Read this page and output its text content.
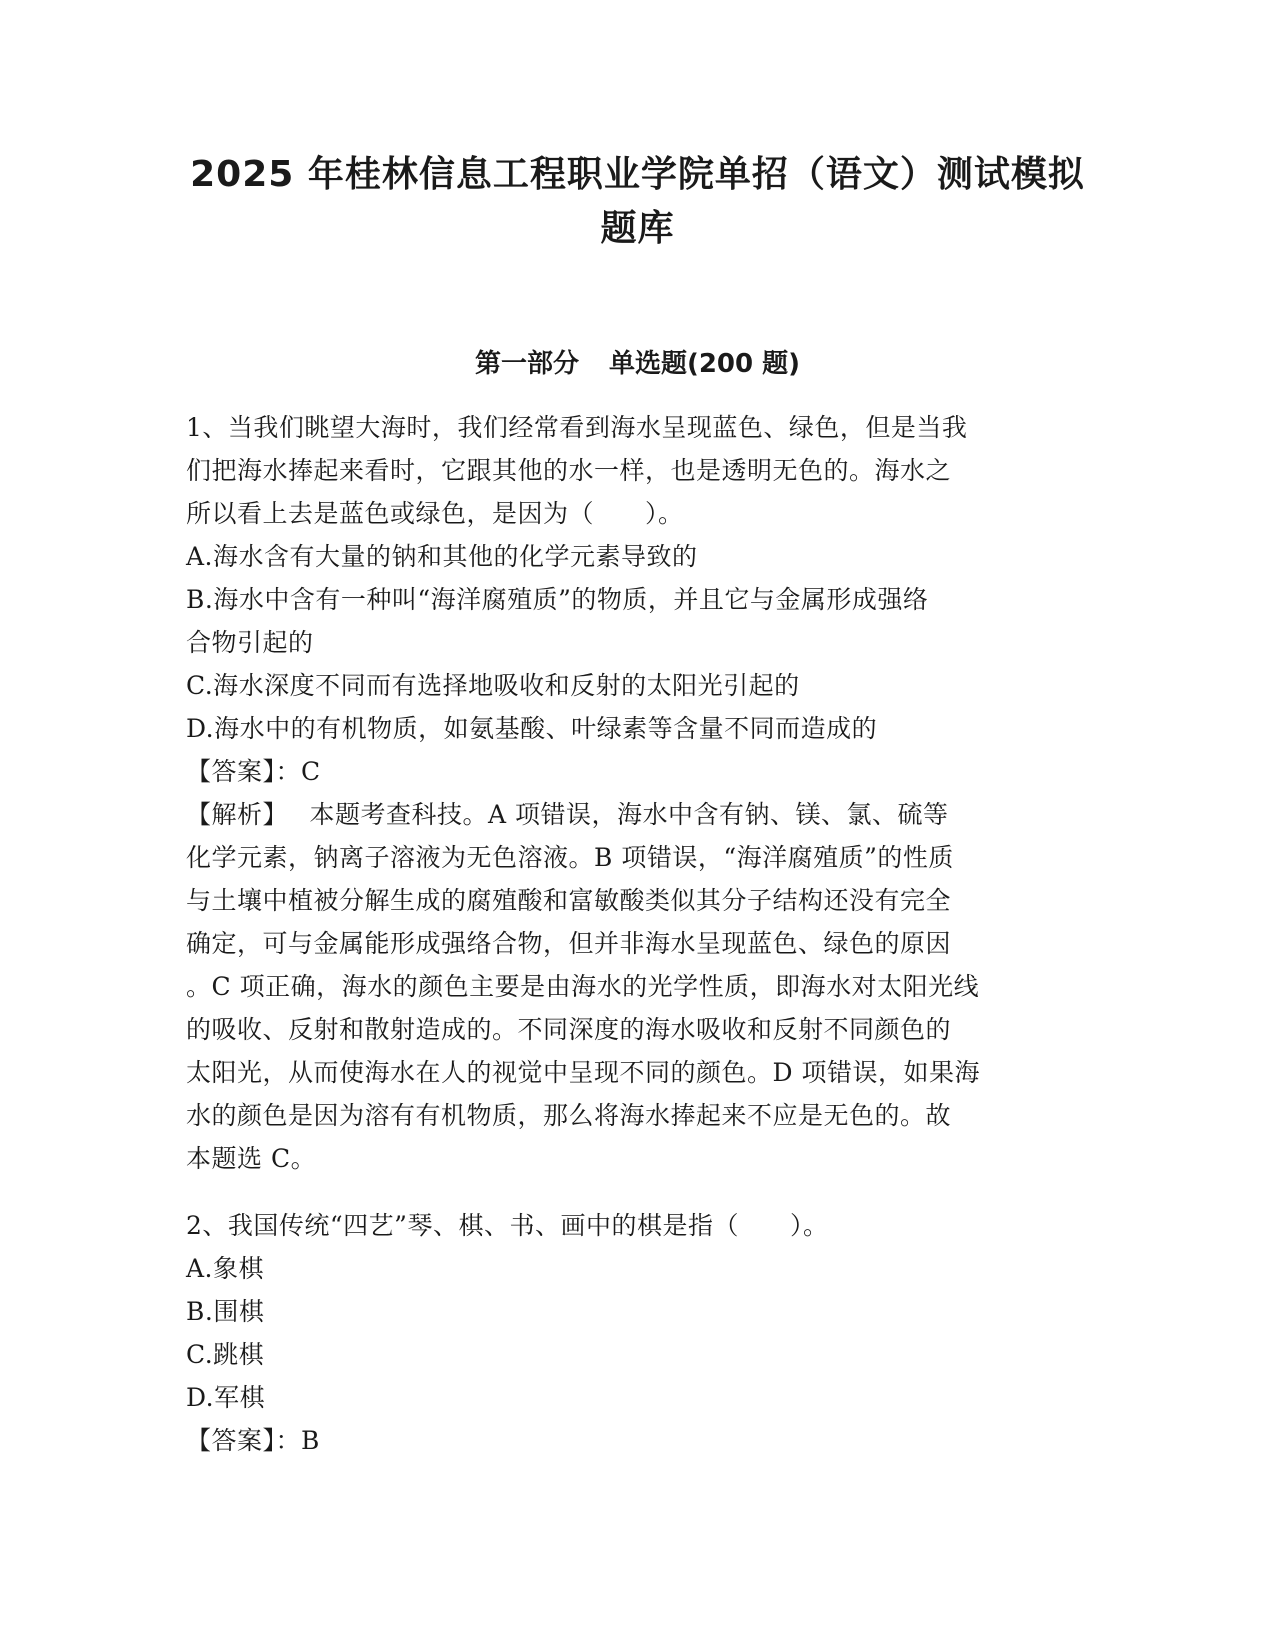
2025 年桂林信息工程职业学院单招（语文）测试模拟
题库
第一部分 单选题(200 题)
1、当我们眺望大海时，我们经常看到海水呈现蓝色、绿色，但是当我
们把海水捧起来看时，它跟其他的水一样，也是透明无色的。海水之
所以看上去是蓝色或绿色，是因为（　　）。
A.海水含有大量的钠和其他的化学元素导致的
B.海水中含有一种叫“海洋腐殖质”的物质，并且它与金属形成强络
合物引起的
C.海水深度不同而有选择地吸收和反射的太阳光引起的
D.海水中的有机物质，如氨基酸、叶绿素等含量不同而造成的
【答案】：C
【解析】　 本题考查科技。A 项错误，海水中含有钠、镁、氯、硫等
化学元素，钠离子溶液为无色溶液。B 项错误，“海洋腐殖质”的性质
与土壤中植被分解生成的腐殖酸和富敏酸类似其分子结构还没有完全
确定，可与金属能形成强络合物，但并非海水呈现蓝色、绿色的原因
。C 项正确，海水的颜色主要是由海水的光学性质，即海水对太阳光线
的吸收、反射和散射造成的。不同深度的海水吸收和反射不同颜色的
太阳光，从而使海水在人的视觉中呈现不同的颜色。D 项错误，如果海
水的颜色是因为溶有有机物质，那么将海水捧起来不应是无色的。故
本题选 C。
2、我国传统“四艺”琴、棋、书、画中的棋是指（　　）。
A.象棋
B.围棋
C.跳棋
D.军棋
【答案】：B
